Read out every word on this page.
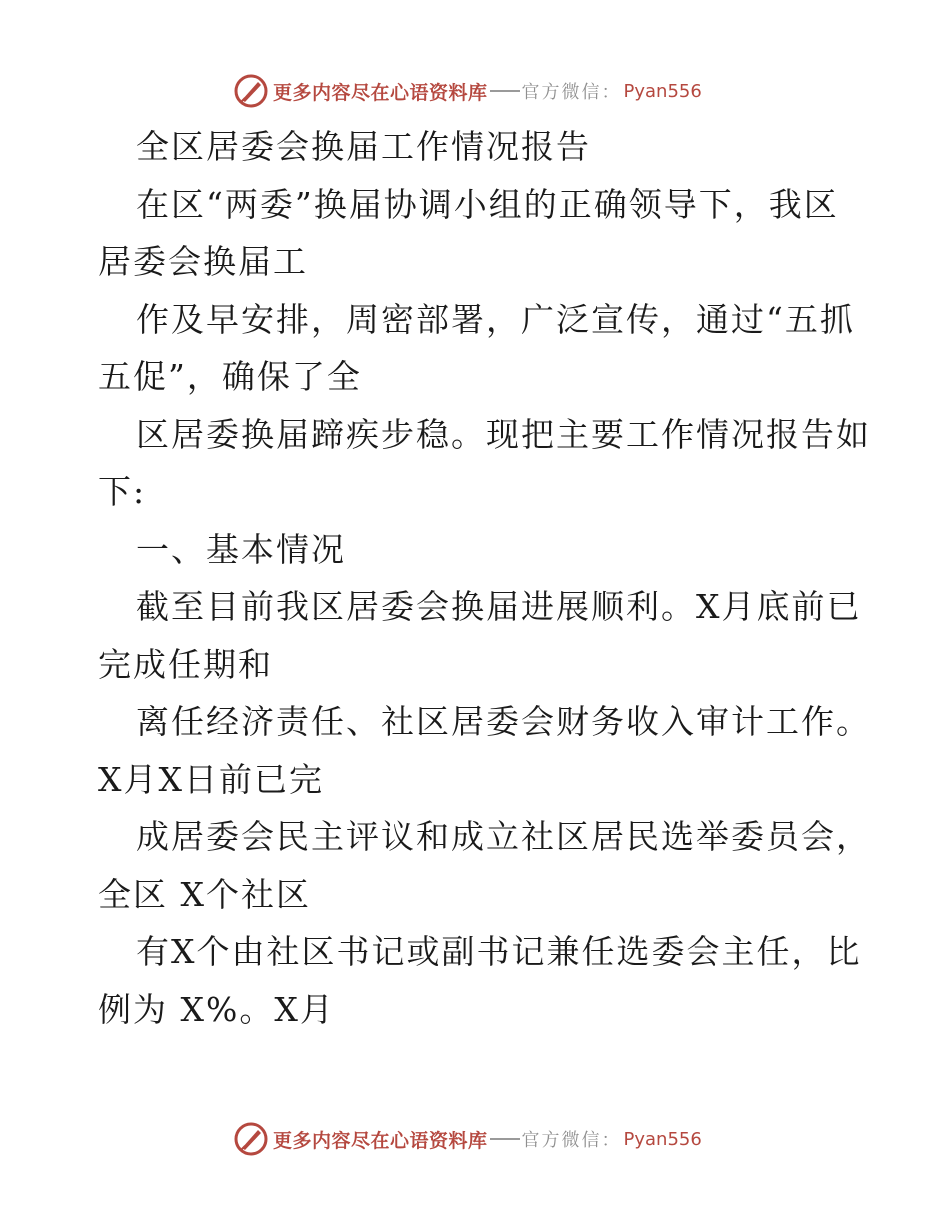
更多内容尽在心语资料库 官方微信： Pyan556

全区居委会换届工作情况报告

在区“两委”换届协调小组的正确领导下，我区

居委会换届工

作及早安排，周密部署，广泛宣传，通过“五抓

五促”，确保了全

区居委换届蹄疾步稳。现把主要工作情况报告如

下:

一、基本情况

截至目前我区居委会换届进展顺利。X月底前已

完成任期和

离任经济责任、社区居委会财务收入审计工作。

X月X日前已完

成居委会民主评议和成立社区居民选举委员会，

全区 X个社区

有X个由社区书记或副书记兼任选委会主任，比

例为 X%。X月

更多内容尽在心语资料库 官方微信： Pyan556
